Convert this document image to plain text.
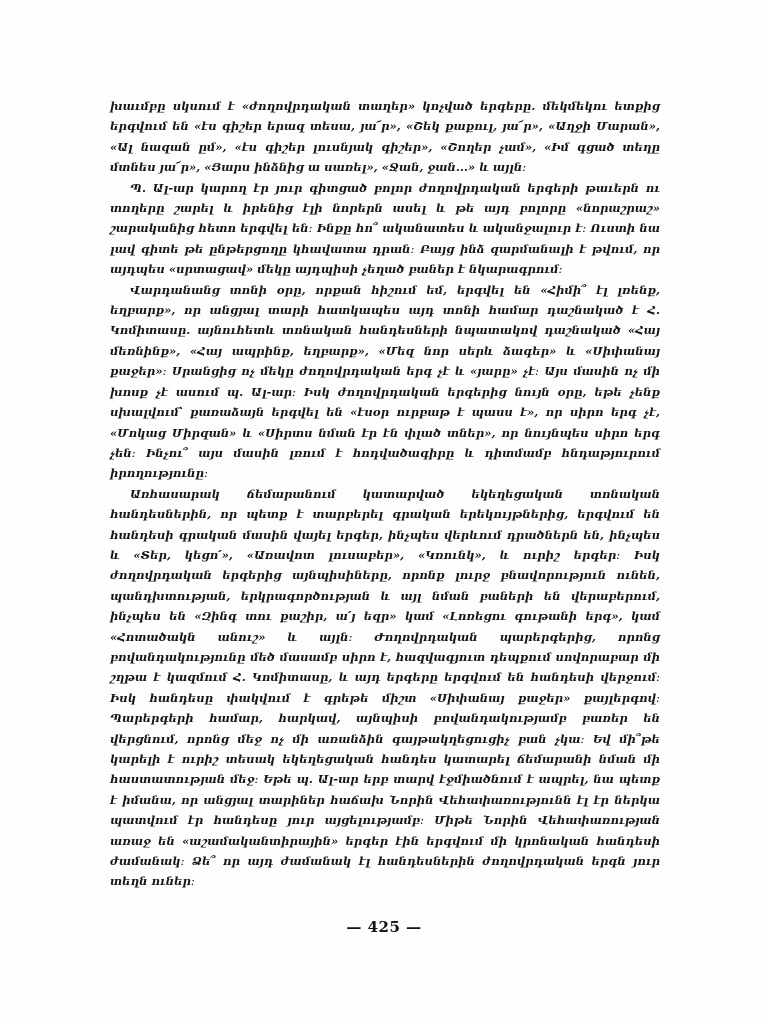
խաւմբը սկսում է «ժողովրդական տաղեր» կոչված երգերը. մեկմեկու ետքից երգվում են «էս գիշեր երազ տեսա, յա՜ր», «Շեկ քաքուլ, յա՜ր», «Աղջի Մարան», «Ալ նազան ըմ», «էս գիշեր լուսնյակ գիշեր», «Շողեր չամ», «Իմ գցած տեղը մտնես յա՜ր», «Յարս ինձնից ա սառել», «Ջան, ջան...» և այլն։

Պ. Ալ-ար կարող էր յուր գիտցած բոլոր ժողովրդական երգերի թաւերն ու տողերը շարել և իրենից էլի նորերն ասել և թե այդ բոլորը «նորաշրաշ» շարականից հետո երգվել են։ Ինքը հո՞ ականատես և ականջալուր է։ Ուստի նա լավ գիտե թե ընթերցողը կհավատա դրան։ Բայց ինձ զարմանալի է թվում, որ այդպես «սրտացավ» մեկը այդպիսի չեղած բաներ է նկարագրում։

Վարդանանց տոնի օրը, որքան հիշում եմ, երգվել են «Հիմի՞ էլ լռենք, եղբարք», որ անցյալ տարի հատկապես այդ տոնի համար դաշնակած է Հ. Կոմիտասը. այնուհետև տոնական հանդեսների նպատակով դաշնակած «Հայ մեռնինք», «Հայ ապրինք, եղբարք», «Մեզ նոր սերև ձագեր» և «Սիփանայ քաջեր»։ Սրանցից ոչ մեկը ժողովրդական երգ չէ և «յարը» չէ։ Այս մասին ոչ մի խոսք չէ ասում պ. Ալ-ար։ Իսկ ժողովրդական երգերից նույն օրը, եթե չենք սխալվում՝ քառաձայն երգվել են «էսօր ուրբաթ է պասս է», որ սիրո երգ չէ, «Մոկաց Միրզան» և «Սիրտս նման էր էն փլած տներ», որ նույնպես սիրո երգ չեն։ Ինչու՞ այս մասին լռում է հոդվածագիրը և դիտմամբ հնդաթյուրում իրողությունը։

Առհասարակ ճեմարանում կատարված եկեղեցական տոնական հանդեսներին, որ պետք է տարբերել գրական երեկույթներից, երգվում են հանդեսի գրական մասին վայել երգեր, ինչպես վերևում դրածներն են, ինչպես և «Տեր, կեցո՛», «Առավոտ լուսաբեր», «Կռունկ», և ուրիշ երգեր։ Իսկ ժողովրդական երգերից այնպիսիները, որոնք լուրջ բնավորություն ունեն, պանդխտության, երկրագործության և այլ նման բաների են վերաբերում, ինչպես են «Զինգ տու քաշիր, ա՛յ եզր» կամ «Լոռեցու գութանի երգ», կամ «Հոտածակն անուշ» և այլն։ Ժողովրդական պարերգերից, որոնց բովանդակությունը մեծ մասամբ սիրո է, հազվագյուտ դեպքում սովորաբար մի շղթա է կազմում Հ. Կոմիտասը, և այդ երգերը երգվում են հանդեսի վերջում։ Իսկ հանդեսը փակվում է գրեթե միշտ «Սիփանայ քաջեր» քայլերգով։ Պարերգերի համար, հարկավ, այնպիսի բովանդակությամբ բառեր են վերցնում, որոնց մեջ ոչ մի առանձին գայթակղեցուցիչ բան չկա։ Եվ մի՞թե կարելի է ուրիշ տեսակ եկեղեցական հանդես կատարել ճեմարանի նման մի հաստատության մեջ։ Եթե պ. Ալ-ար երբ տարվ էջմիածնում է ապրել, նա պետք է իմանա, որ անցյալ տարիներ հաճախ Նորին Վեհափառությունն էլ էր ներկա պատվում էր հանդեսը յուր այցելությամբ։ Միթե Նորին Վեհափառության առաջ են «աշամականտիրային» երգեր էին երգվում մի կրոնական հանդեսի ժամանակ։ Ձե՞ որ այդ ժամանակ էլ հանդեսներին ժողովրդական երգն յուր տեղն ուներ։

— 425 —
